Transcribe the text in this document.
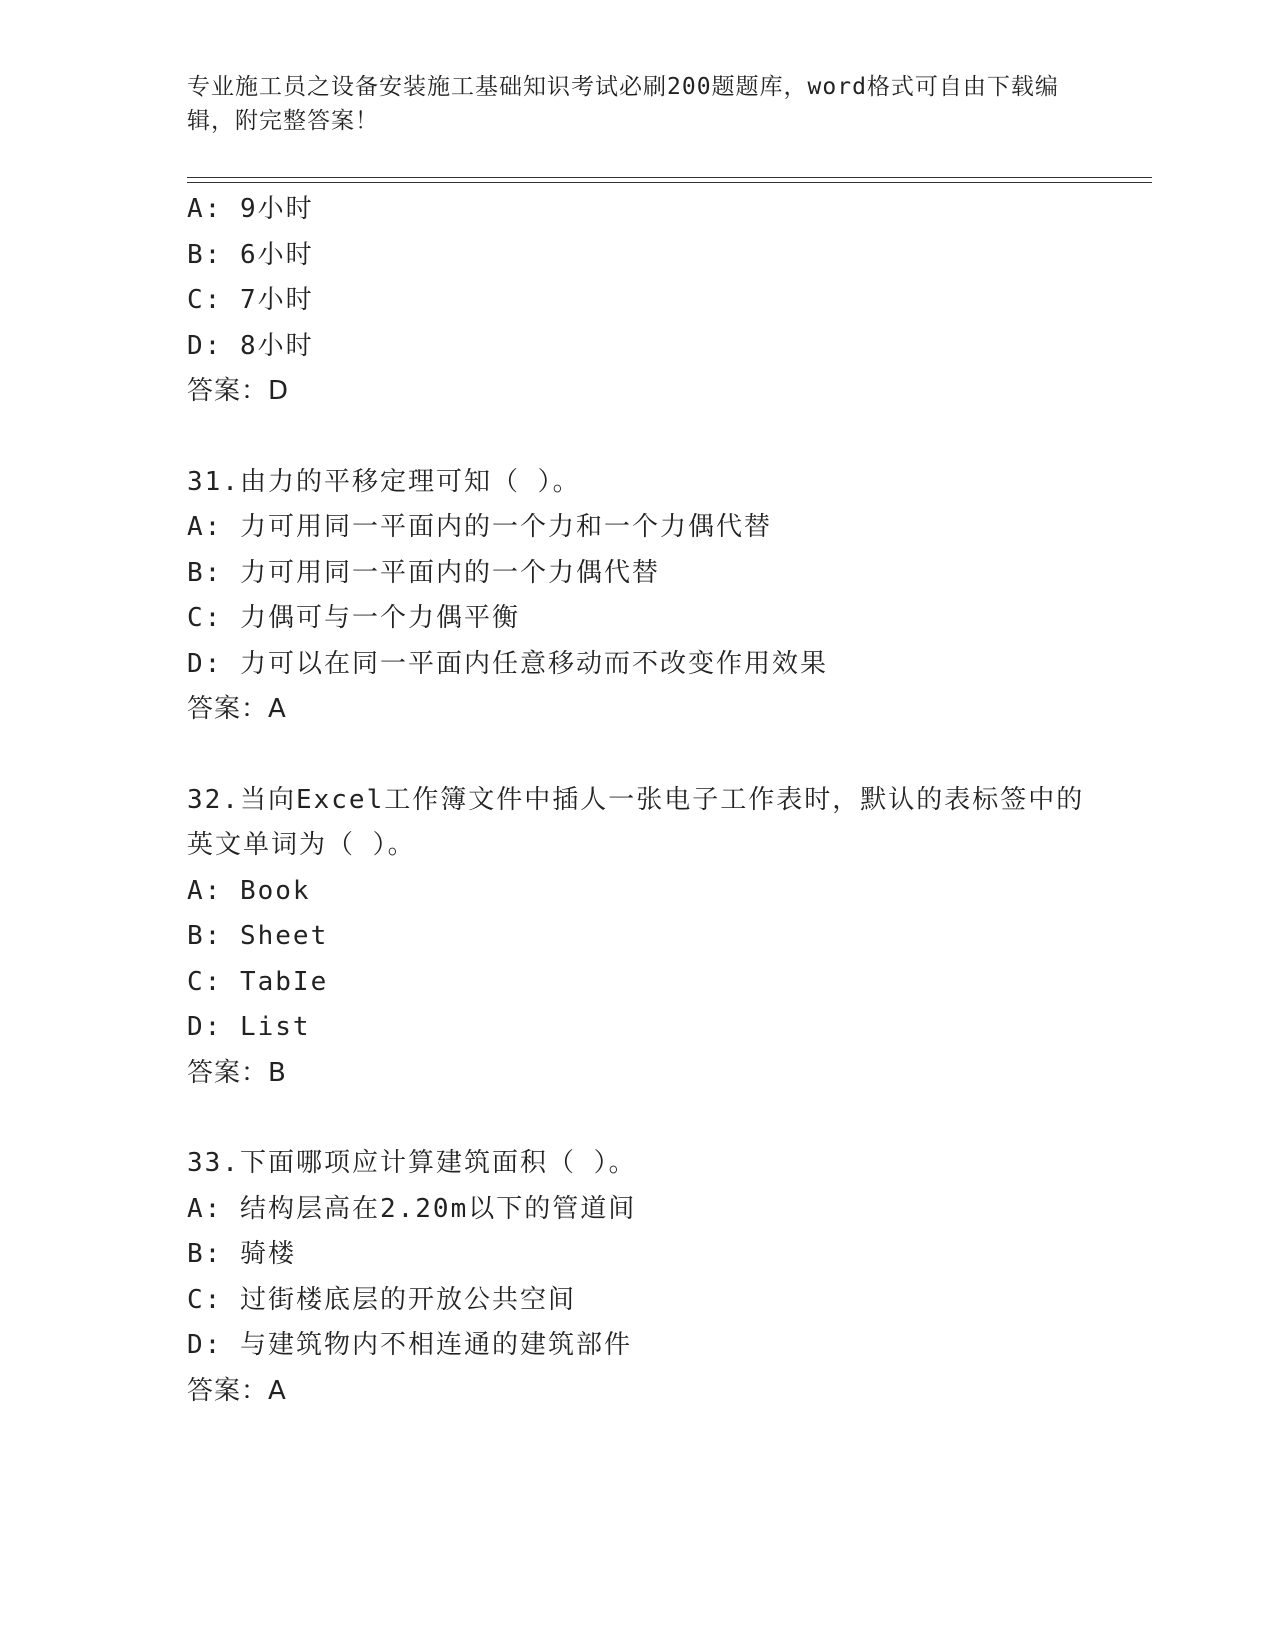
专业施工员之设备安装施工基础知识考试必刷200题题库，word格式可自由下载编辑，附完整答案！
A: 9小时
B: 6小时
C: 7小时
D: 8小时
答案：D
31.由力的平移定理可知（ ）。
A: 力可用同一平面内的一个力和一个力偶代替
B: 力可用同一平面内的一个力偶代替
C: 力偶可与一个力偶平衡
D: 力可以在同一平面内任意移动而不改变作用效果
答案：A
32.当向Excel工作簿文件中插人一张电子工作表时，默认的表标签中的英文单词为（ ）。
A: Book
B: Sheet
C: TabIe
D: List
答案：B
33.下面哪项应计算建筑面积（ ）。
A: 结构层高在2.20m以下的管道间
B: 骑楼
C: 过街楼底层的开放公共空间
D: 与建筑物内不相连通的建筑部件
答案：A
